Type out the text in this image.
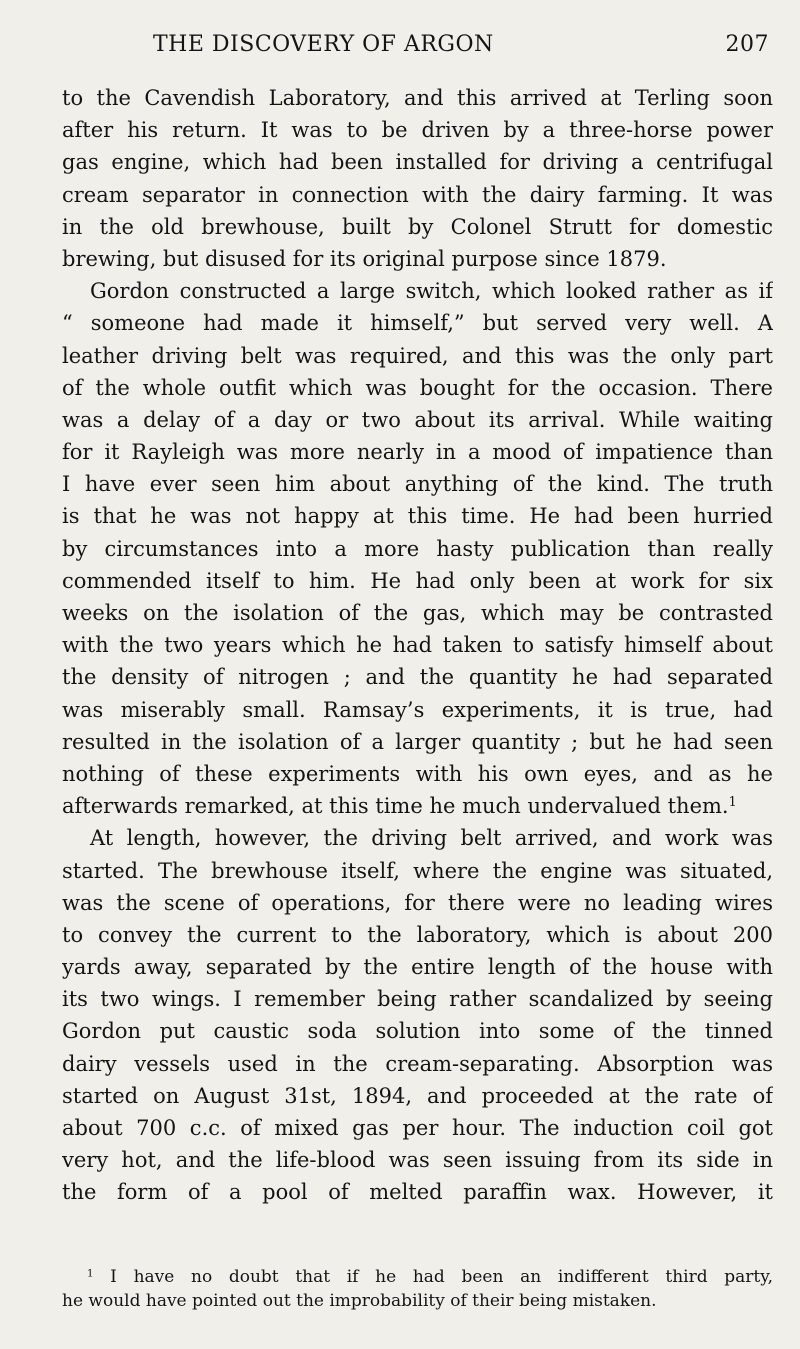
THE DISCOVERY OF ARGON	207
to the Cavendish Laboratory, and this arrived at Terling soon
after his return. It was to be driven by a three-horse power
gas engine, which had been installed for driving a centrifugal
cream separator in connection with the dairy farming. It was
in the old brewhouse, built by Colonel Strutt for domestic
brewing, but disused for its original purpose since 1879.
Gordon constructed a large switch, which looked rather as if
“ someone had made it himself,” but served very well. A
leather driving belt was required, and this was the only part
of the whole outfit which was bought for the occasion. There
was a delay of a day or two about its arrival. While waiting
for it Rayleigh was more nearly in a mood of impatience than
I have ever seen him about anything of the kind. The truth
is that he was not happy at this time. He had been hurried
by circumstances into a more hasty publication than really
commended itself to him. He had only been at work for six
weeks on the isolation of the gas, which may be contrasted
with the two years which he had taken to satisfy himself about
the density of nitrogen ; and the quantity he had separated
was miserably small. Ramsay’s experiments, it is true, had
resulted in the isolation of a larger quantity ; but he had seen
nothing of these experiments with his own eyes, and as he
afterwards remarked, at this time he much undervalued them.$^1$
At length, however, the driving belt arrived, and work was
started. The brewhouse itself, where the engine was situated,
was the scene of operations, for there were no leading wires
to convey the current to the laboratory, which is about 200
yards away, separated by the entire length of the house with
its two wings. I remember being rather scandalized by seeing
Gordon put caustic soda solution into some of the tinned
dairy vessels used in the cream-separating. Absorption was
started on August 31st, 1894, and proceeded at the rate of
about 700 c.c. of mixed gas per hour. The induction coil got
very hot, and the life-blood was seen issuing from its side in
the form of a pool of melted paraffin wax. However, it
$^1$ I have no doubt that if he had been an indifferent third party,
he would have pointed out the improbability of their being mistaken.
